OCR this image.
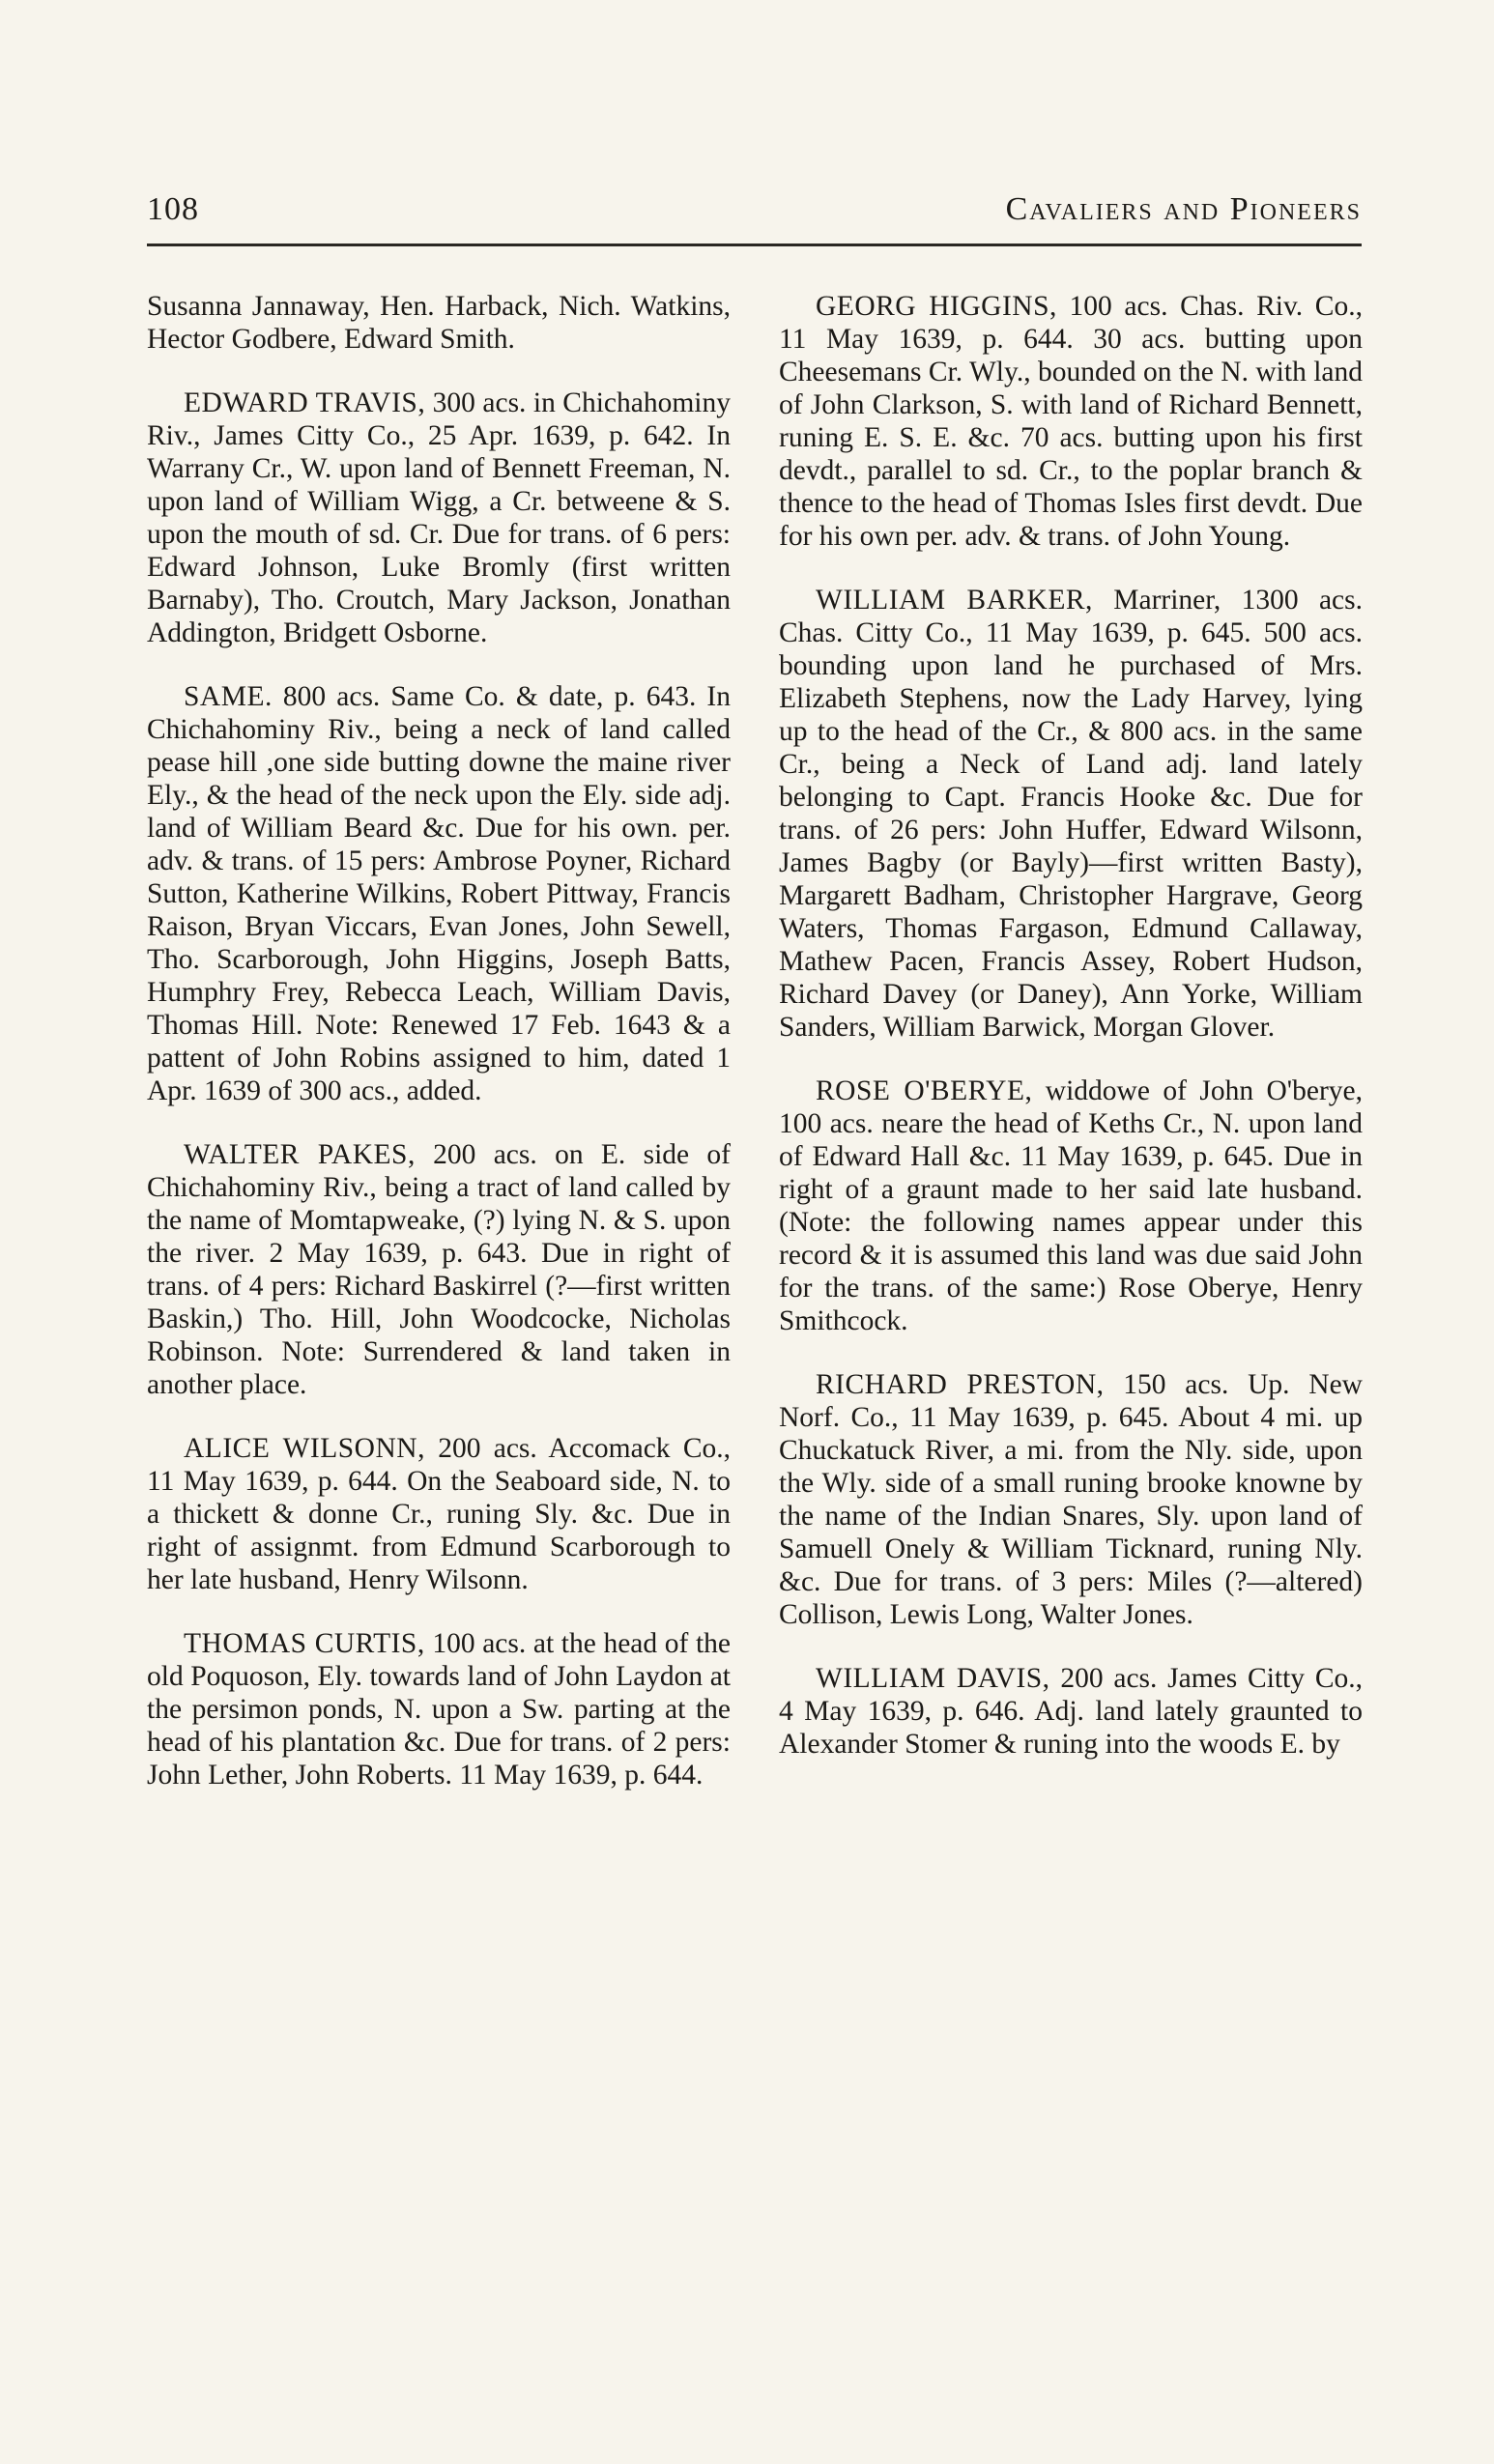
108	Cavaliers and Pioneers

Susanna Jannaway, Hen. Harback, Nich. Watkins, Hector Godbere, Edward Smith.

EDWARD TRAVIS, 300 acs. in Chichahominy Riv., James Citty Co., 25 Apr. 1639, p. 642. In Warrany Cr., W. upon land of Bennett Freeman, N. upon land of William Wigg, a Cr. betweene & S. upon the mouth of sd. Cr. Due for trans. of 6 pers: Edward Johnson, Luke Bromly (first written Barnaby), Tho. Croutch, Mary Jackson, Jonathan Addington, Bridgett Osborne.

SAME. 800 acs. Same Co. & date, p. 643. In Chichahominy Riv., being a neck of land called pease hill ,one side butting downe the maine river Ely., & the head of the neck upon the Ely. side adj. land of William Beard &c. Due for his own. per. adv. & trans. of 15 pers: Ambrose Poyner, Richard Sutton, Katherine Wilkins, Robert Pittway, Francis Raison, Bryan Viccars, Evan Jones, John Sewell, Tho. Scarborough, John Higgins, Joseph Batts, Humphry Frey, Rebecca Leach, William Davis, Thomas Hill. Note: Renewed 17 Feb. 1643 & a pattent of John Robins assigned to him, dated 1 Apr. 1639 of 300 acs., added.

WALTER PAKES, 200 acs. on E. side of Chichahominy Riv., being a tract of land called by the name of Momtapweake, (?) lying N. & S. upon the river. 2 May 1639, p. 643. Due in right of trans. of 4 pers: Richard Baskirrel (?—first written Baskin,) Tho. Hill, John Woodcocke, Nicholas Robinson. Note: Surrendered & land taken in another place.

ALICE WILSONN, 200 acs. Accomack Co., 11 May 1639, p. 644. On the Seaboard side, N. to a thickett & donne Cr., runing Sly. &c. Due in right of assignmt. from Edmund Scarborough to her late husband, Henry Wilsonn.

THOMAS CURTIS, 100 acs. at the head of the old Poquoson, Ely. towards land of John Laydon at the persimon ponds, N. upon a Sw. parting at the head of his plantation &c. Due for trans. of 2 pers: John Lether, John Roberts. 11 May 1639, p. 644.

GEORG HIGGINS, 100 acs. Chas. Riv. Co., 11 May 1639, p. 644. 30 acs. butting upon Cheesemans Cr. Wly., bounded on the N. with land of John Clarkson, S. with land of Richard Bennett, runing E. S. E. &c. 70 acs. butting upon his first devdt., parallel to sd. Cr., to the poplar branch & thence to the head of Thomas Isles first devdt. Due for his own per. adv. & trans. of John Young.

WILLIAM BARKER, Marriner, 1300 acs. Chas. Citty Co., 11 May 1639, p. 645. 500 acs. bounding upon land he purchased of Mrs. Elizabeth Stephens, now the Lady Harvey, lying up to the head of the Cr., & 800 acs. in the same Cr., being a Neck of Land adj. land lately belonging to Capt. Francis Hooke &c. Due for trans. of 26 pers: John Huffer, Edward Wilsonn, James Bagby (or Bayly)—first written Basty), Margarett Badham, Christopher Hargrave, Georg Waters, Thomas Fargason, Edmund Callaway, Mathew Pacen, Francis Assey, Robert Hudson, Richard Davey (or Daney), Ann Yorke, William Sanders, William Barwick, Morgan Glover.

ROSE O'BERYE, widdowe of John O'berye, 100 acs. neare the head of Keths Cr., N. upon land of Edward Hall &c. 11 May 1639, p. 645. Due in right of a graunt made to her said late husband. (Note: the following names appear under this record & it is assumed this land was due said John for the trans. of the same:) Rose Oberye, Henry Smithcock.

RICHARD PRESTON, 150 acs. Up. New Norf. Co., 11 May 1639, p. 645. About 4 mi. up Chuckatuck River, a mi. from the Nly. side, upon the Wly. side of a small runing brooke knowne by the name of the Indian Snares, Sly. upon land of Samuell Onely & William Ticknard, runing Nly. &c. Due for trans. of 3 pers: Miles (?—altered) Collison, Lewis Long, Walter Jones.

WILLIAM DAVIS, 200 acs. James Citty Co., 4 May 1639, p. 646. Adj. land lately graunted to Alexander Stomer & runing into the woods E. by
